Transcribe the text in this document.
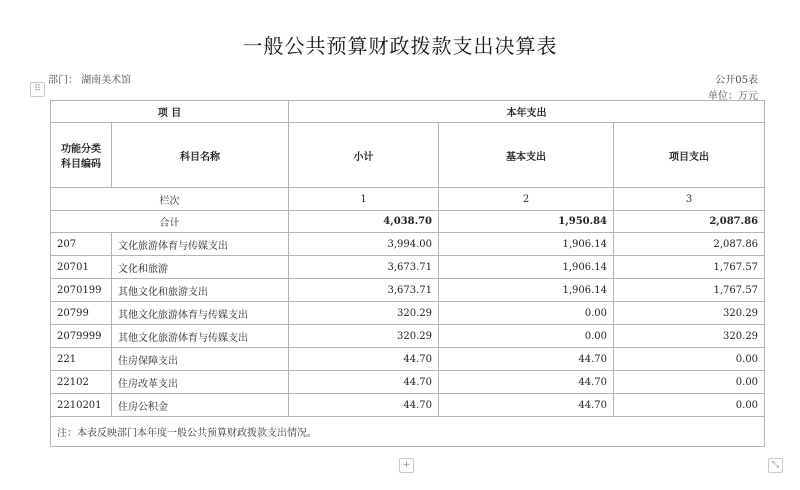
一般公共预算财政拨款支出决算表
部门： 湖南美术馆	公开05表
单位：万元
⠿
项 目		本年支出		

功能分类
科目编码	科目名称	小计	基本支出	项目支出
栏次		1	2	3
合计		4,038.70	1,950.84	2,087.86
207	文化旅游体育与传媒支出	3,994.00	1,906.14	2,087.86
20701	文化和旅游	3,673.71	1,906.14	1,767.57
2070199	其他文化和旅游支出	3,673.71	1,906.14	1,767.57
20799	其他文化旅游体育与传媒支出	320.29	0.00	320.29
2079999	其他文化旅游体育与传媒支出	320.29	0.00	320.29
221	住房保障支出	44.70	44.70	0.00
22102	住房改革支出	44.70	44.70	0.00
2210201	住房公积金	44.70	44.70	0.00
注：本表反映部门本年度一般公共预算财政拨款支出情况。				
+	⤡
